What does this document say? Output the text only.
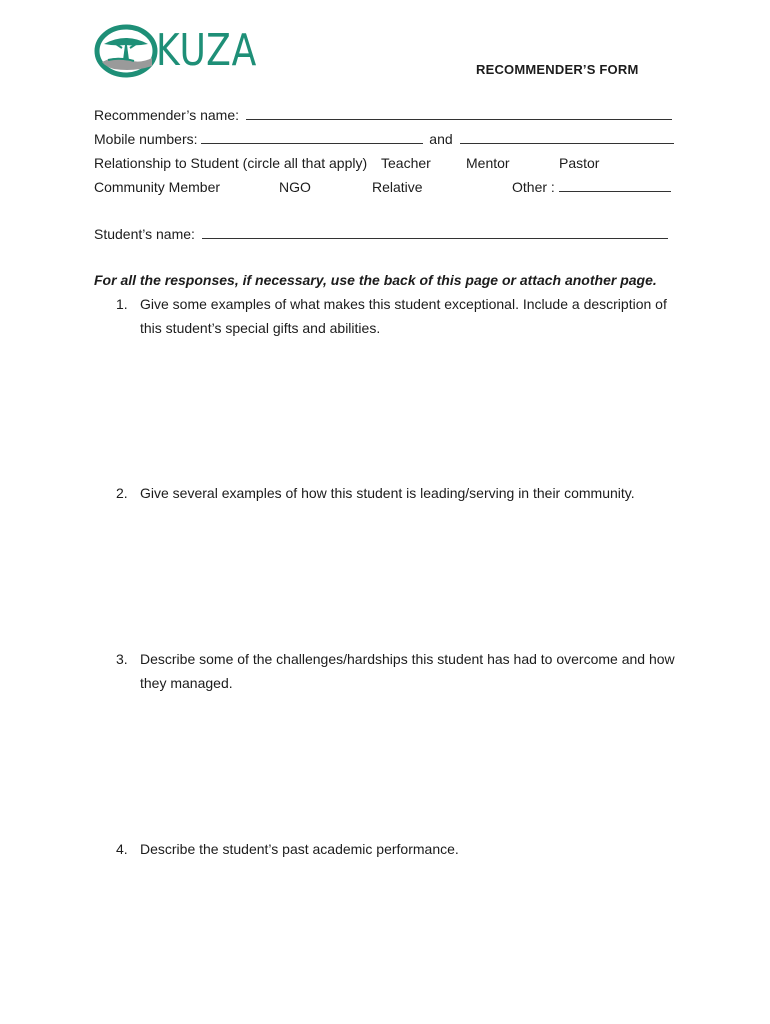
KUZA	RECOMMENDER’S FORM
Recommender’s name:
Mobile numbers:	and
Relationship to Student (circle all that apply) Teacher	Mentor	Pastor
Community Member	NGO	Relative	Other :
Student’s name:
For all the responses, if necessary, use the back of this page or attach another page.
1. Give some examples of what makes this student exceptional. Include a description of this student’s special gifts and abilities.
2. Give several examples of how this student is leading/serving in their community.
3. Describe some of the challenges/hardships this student has had to overcome and how they managed.
4. Describe the student’s past academic performance.
